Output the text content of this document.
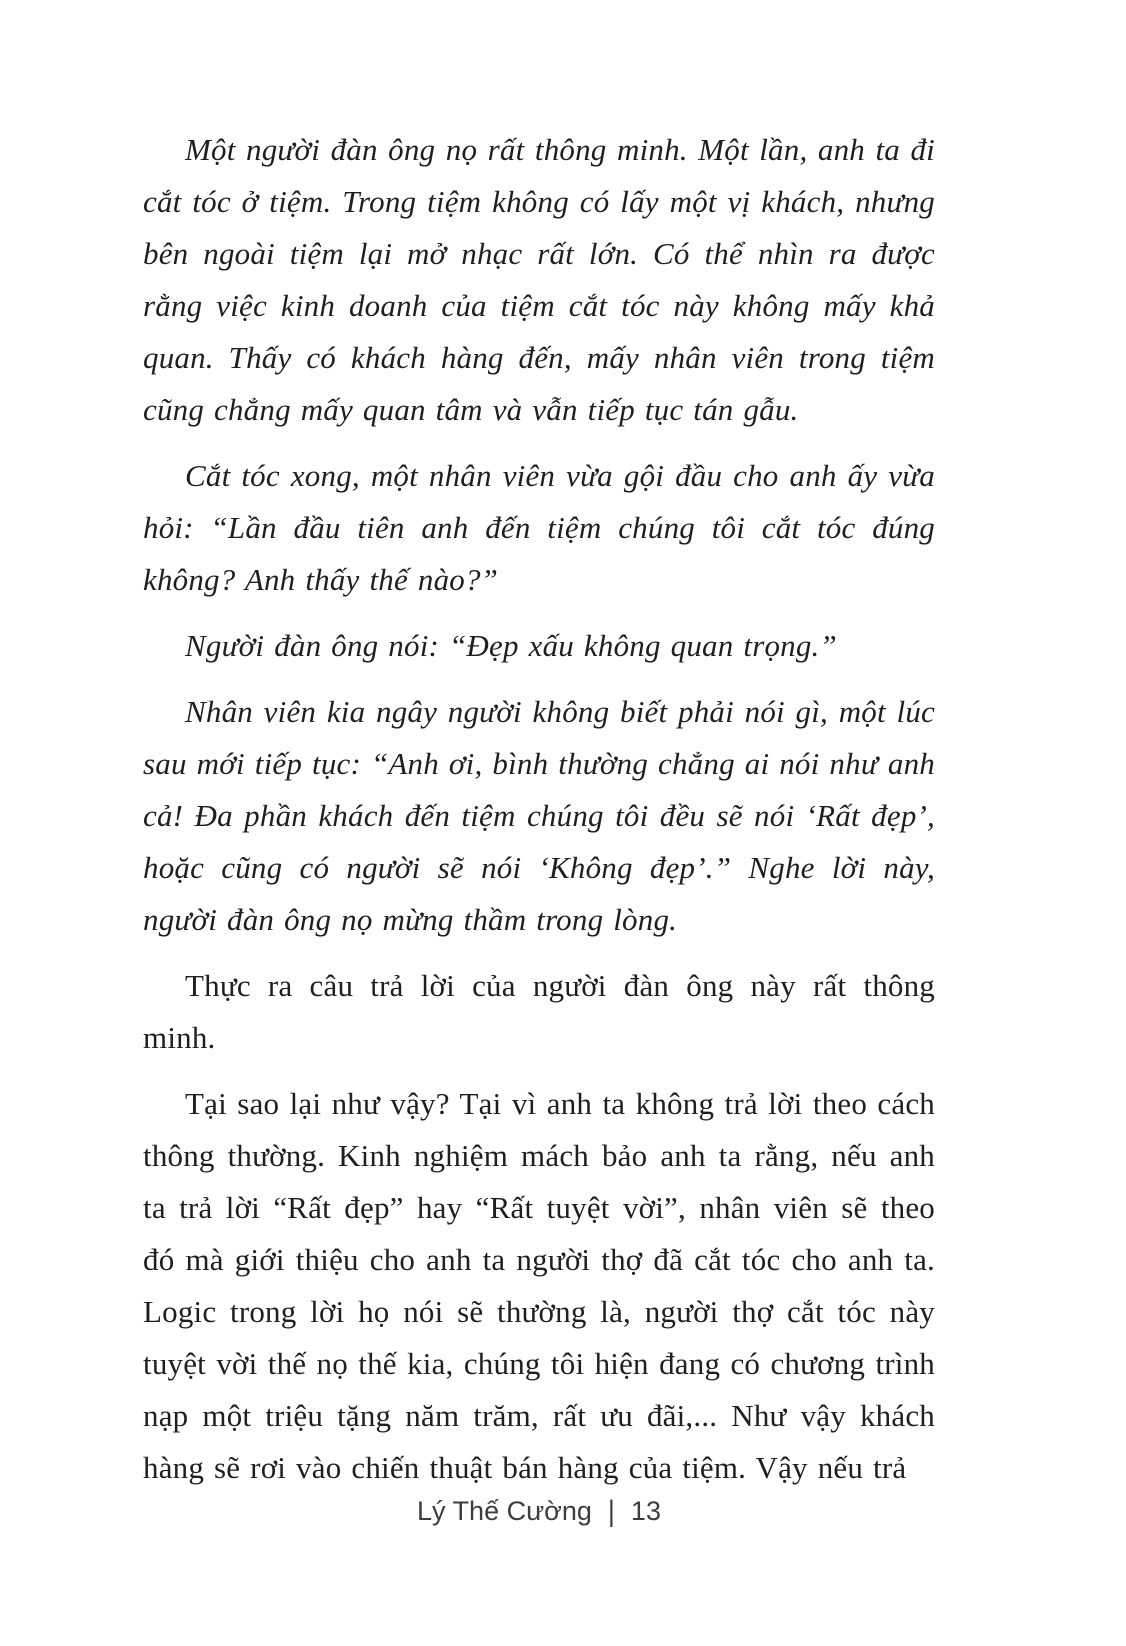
Một người đàn ông nọ rất thông minh. Một lần, anh ta đi cắt tóc ở tiệm. Trong tiệm không có lấy một vị khách, nhưng bên ngoài tiệm lại mở nhạc rất lớn. Có thể nhìn ra được rằng việc kinh doanh của tiệm cắt tóc này không mấy khả quan. Thấy có khách hàng đến, mấy nhân viên trong tiệm cũng chẳng mấy quan tâm và vẫn tiếp tục tán gẫu.

Cắt tóc xong, một nhân viên vừa gội đầu cho anh ấy vừa hỏi: “Lần đầu tiên anh đến tiệm chúng tôi cắt tóc đúng không? Anh thấy thế nào?”

Người đàn ông nói: “Đẹp xấu không quan trọng.”

Nhân viên kia ngây người không biết phải nói gì, một lúc sau mới tiếp tục: “Anh ơi, bình thường chẳng ai nói như anh cả! Đa phần khách đến tiệm chúng tôi đều sẽ nói ‘Rất đẹp’, hoặc cũng có người sẽ nói ‘Không đẹp’.” Nghe lời này, người đàn ông nọ mừng thầm trong lòng.

Thực ra câu trả lời của người đàn ông này rất thông minh.

Tại sao lại như vậy? Tại vì anh ta không trả lời theo cách thông thường. Kinh nghiệm mách bảo anh ta rằng, nếu anh ta trả lời “Rất đẹp” hay “Rất tuyệt vời”, nhân viên sẽ theo đó mà giới thiệu cho anh ta người thợ đã cắt tóc cho anh ta. Logic trong lời họ nói sẽ thường là, người thợ cắt tóc này tuyệt vời thế nọ thế kia, chúng tôi hiện đang có chương trình nạp một triệu tặng năm trăm, rất ưu đãi,... Như vậy khách hàng sẽ rơi vào chiến thuật bán hàng của tiệm. Vậy nếu trả

Lý Thế Cường | 13
